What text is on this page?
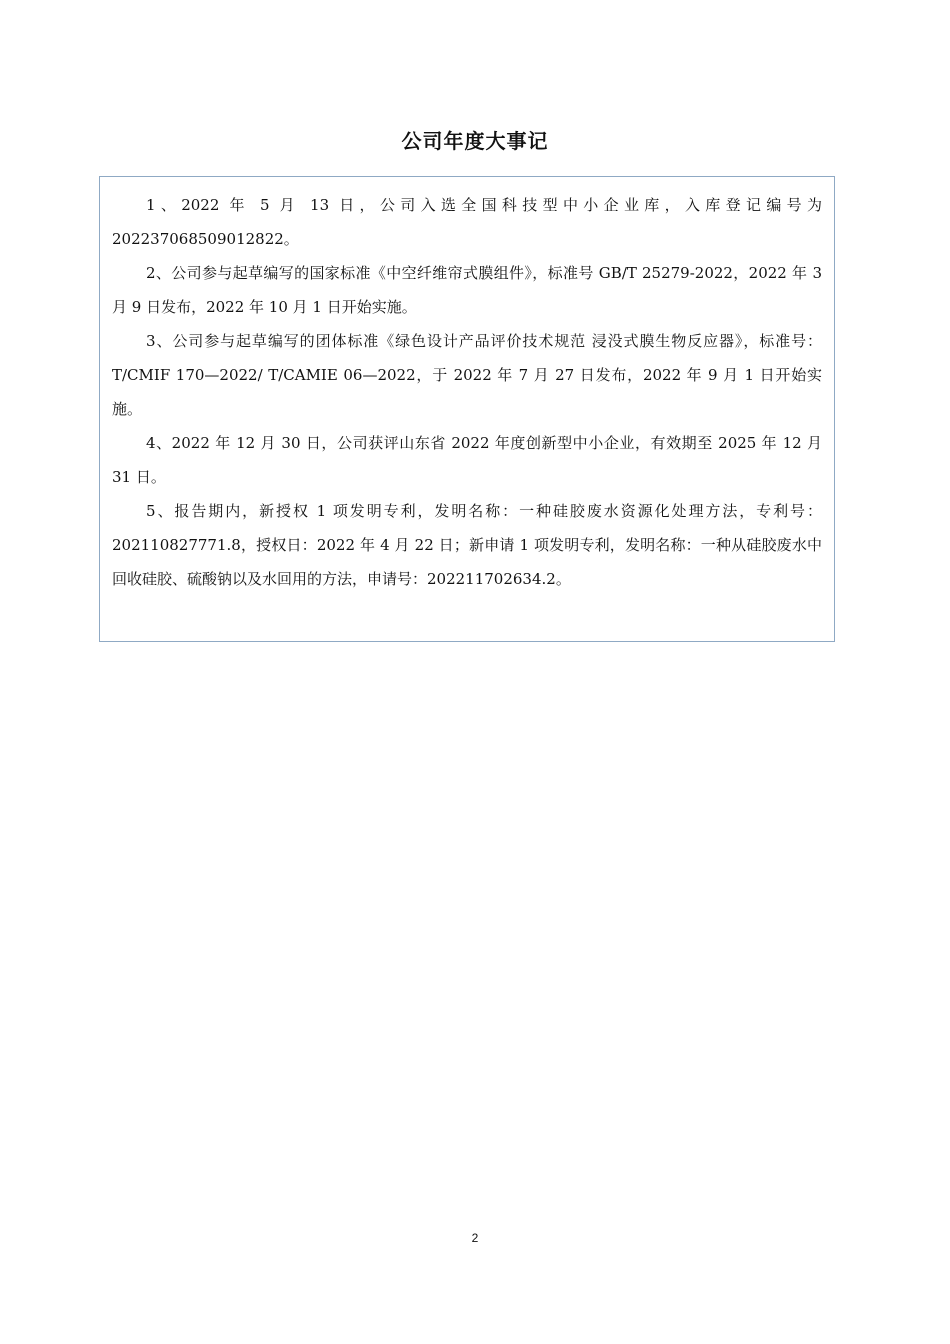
公司年度大事记

1、2022 年 5 月 13 日，公司入选全国科技型中小企业库，入库登记编号为202237068509012822。

2、公司参与起草编写的国家标准《中空纤维帘式膜组件》，标准号 GB/T 25279-2022，2022 年 3 月 9 日发布，2022 年 10 月 1 日开始实施。

3、公司参与起草编写的团体标准《绿色设计产品评价技术规范 浸没式膜生物反应器》，标准号：T/CMIF 170—2022/ T/CAMIE 06—2022，于 2022 年 7 月 27 日发布，2022 年 9 月 1 日开始实施。

4、2022 年 12 月 30 日，公司获评山东省 2022 年度创新型中小企业，有效期至 2025 年 12 月 31 日。

5、报告期内，新授权 1 项发明专利，发明名称：一种硅胶废水资源化处理方法，专利号：202110827771.8，授权日：2022 年 4 月 22 日；新申请 1 项发明专利，发明名称：一种从硅胶废水中回收硅胶、硫酸钠以及水回用的方法，申请号：202211702634.2。

2
